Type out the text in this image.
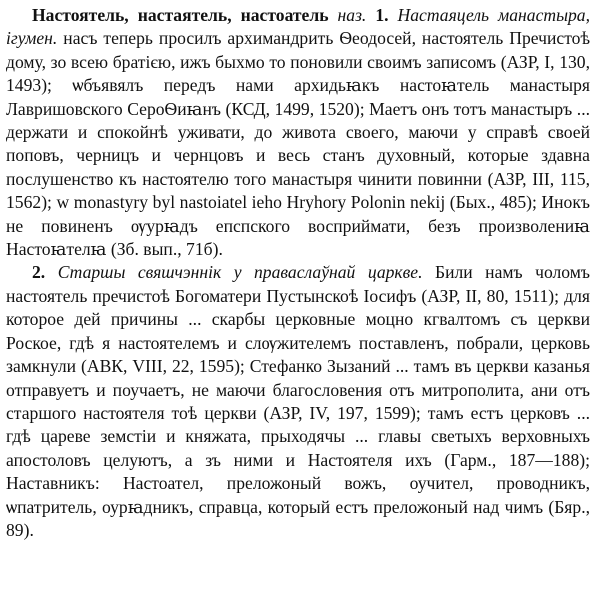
Настоятель, настаятель, настоатель наз. 1. Настаяцель манастыра, ігумен. насъ теперь просилъ архимандрить Ѳеодосей, настоятель Пречистоѣ дому, зо всею братією, ижъ быхмо то поновили своимъ записомъ (АЗР, I, 130, 1493); ѡбъявялъ передъ нами архидьꙗкъ настоꙗтель манастыря Лавришовского СероѲиꙗнъ (КСД, 1499, 1520); Маетъ онъ тотъ манастыръ ... держати и спокойнѣ уживати, до живота своего, маючи у справѣ своей поповъ, черницъ и чернцовъ и весь станъ духовный, которые здавна послушенство къ настоятелю того манастыря чинити повинни (АЗР, III, 115, 1562); w monastyry byl nastoiatel ieho Hryhory Polonin nekij (Бых., 485); Инокъ не повиненъ ѹурꙗдъ епспского восприймати, безъ произволениꙗ Настоꙗтелꙗ (Зб. вып., 71б).

2. Старшы свяшчэннік у праваслаўнай царкве. Били намъ чоломъ настоятель пречистоѣ Богоматери Пустынскоѣ Іосифъ (АЗР, II, 80, 1511); для которое дей причины ... скарбы церковные моцно кгвалтомъ съ церкви Роское, гдѣ я настоятелемъ и слѹжителемъ поставленъ, побрали, церковь замкнули (АВК, VIII, 22, 1595); Стефанко Зызаний ... тамъ въ церкви казанья отправуетъ и поучаетъ, не маючи благословения отъ митрополита, ани отъ старшого настоятеля тоѣ церкви (АЗР, IV, 197, 1599); тамъ естъ церковъ ... гдѣ цареве земстіи и княжата, прыходячы ... главы светыхъ верховныхъ апостоловъ целуютъ, а зъ ними и Настоятеля ихъ (Гарм., 187—188); Наставникъ: Настоател, преложоный вожъ, оучител, проводникъ, ѡпатритель, оурꙗдникъ, справца, который естъ преложоный над чимъ (Бяр., 89).
